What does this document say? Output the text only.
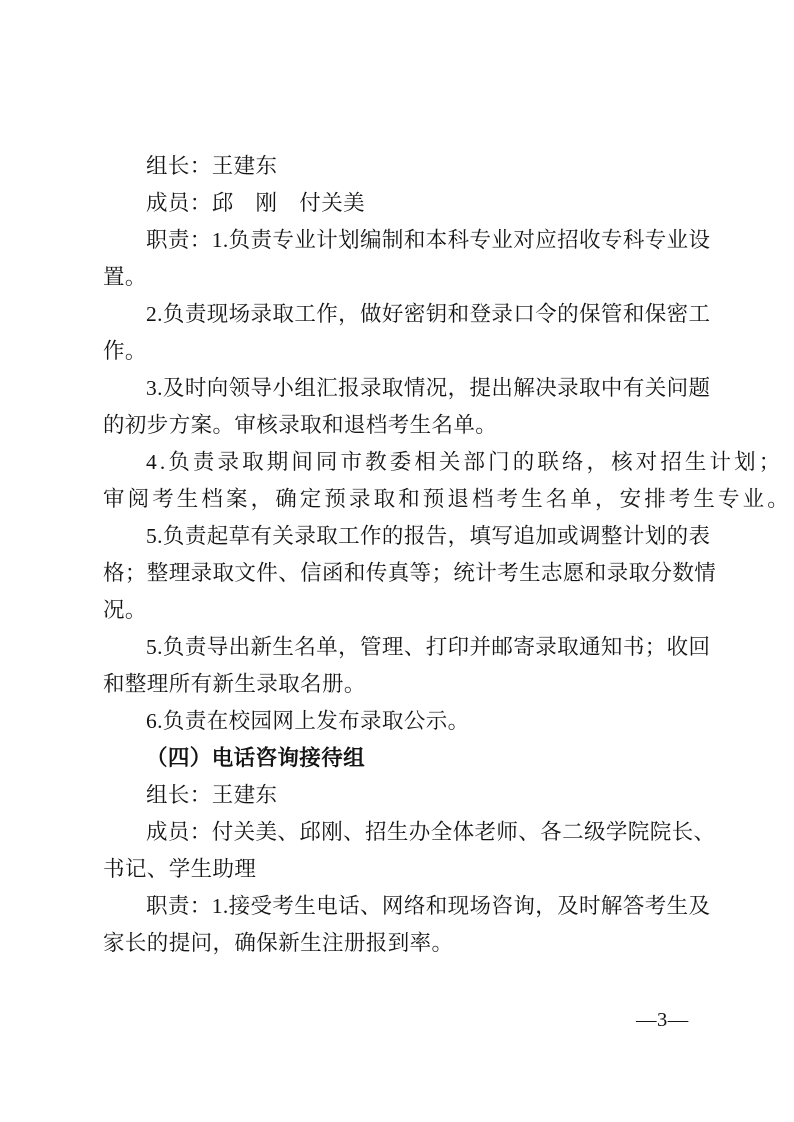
组长：王建东
成员：邱　刚　付关美
职责：1.负责专业计划编制和本科专业对应招收专科专业设
置。
2.负责现场录取工作，做好密钥和登录口令的保管和保密工
作。
3.及时向领导小组汇报录取情况，提出解决录取中有关问题
的初步方案。审核录取和退档考生名单。
4.负责录取期间同市教委相关部门的联络，核对招生计划；
审阅考生档案，确定预录取和预退档考生名单，安排考生专业。
5.负责起草有关录取工作的报告，填写追加或调整计划的表
格；整理录取文件、信函和传真等；统计考生志愿和录取分数情
况。
5.负责导出新生名单，管理、打印并邮寄录取通知书；收回
和整理所有新生录取名册。
6.负责在校园网上发布录取公示。
（四）电话咨询接待组
组长：王建东
成员：付关美、邱刚、招生办全体老师、各二级学院院长、
书记、学生助理
职责：1.接受考生电话、网络和现场咨询，及时解答考生及
家长的提问，确保新生注册报到率。
—3—
